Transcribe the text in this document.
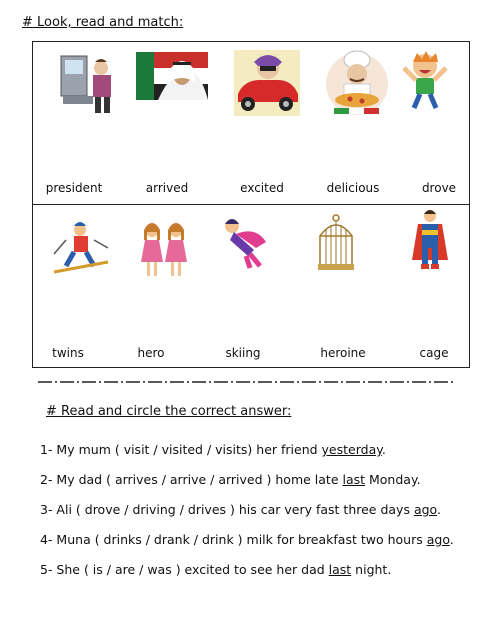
# Look, read and match:
president	arrived	excited	delicious	drove
twins	hero	skiing	heroine	cage
# Read and circle the correct answer:
1- My mum ( visit / visited / visits) her friend yesterday.
2- My dad ( arrives / arrive / arrived ) home late last Monday.
3- Ali ( drove / driving / drives ) his car very fast three days ago.
4- Muna ( drinks / drank / drink ) milk for breakfast two hours ago.
5- She ( is / are / was ) excited to see her dad last night.
